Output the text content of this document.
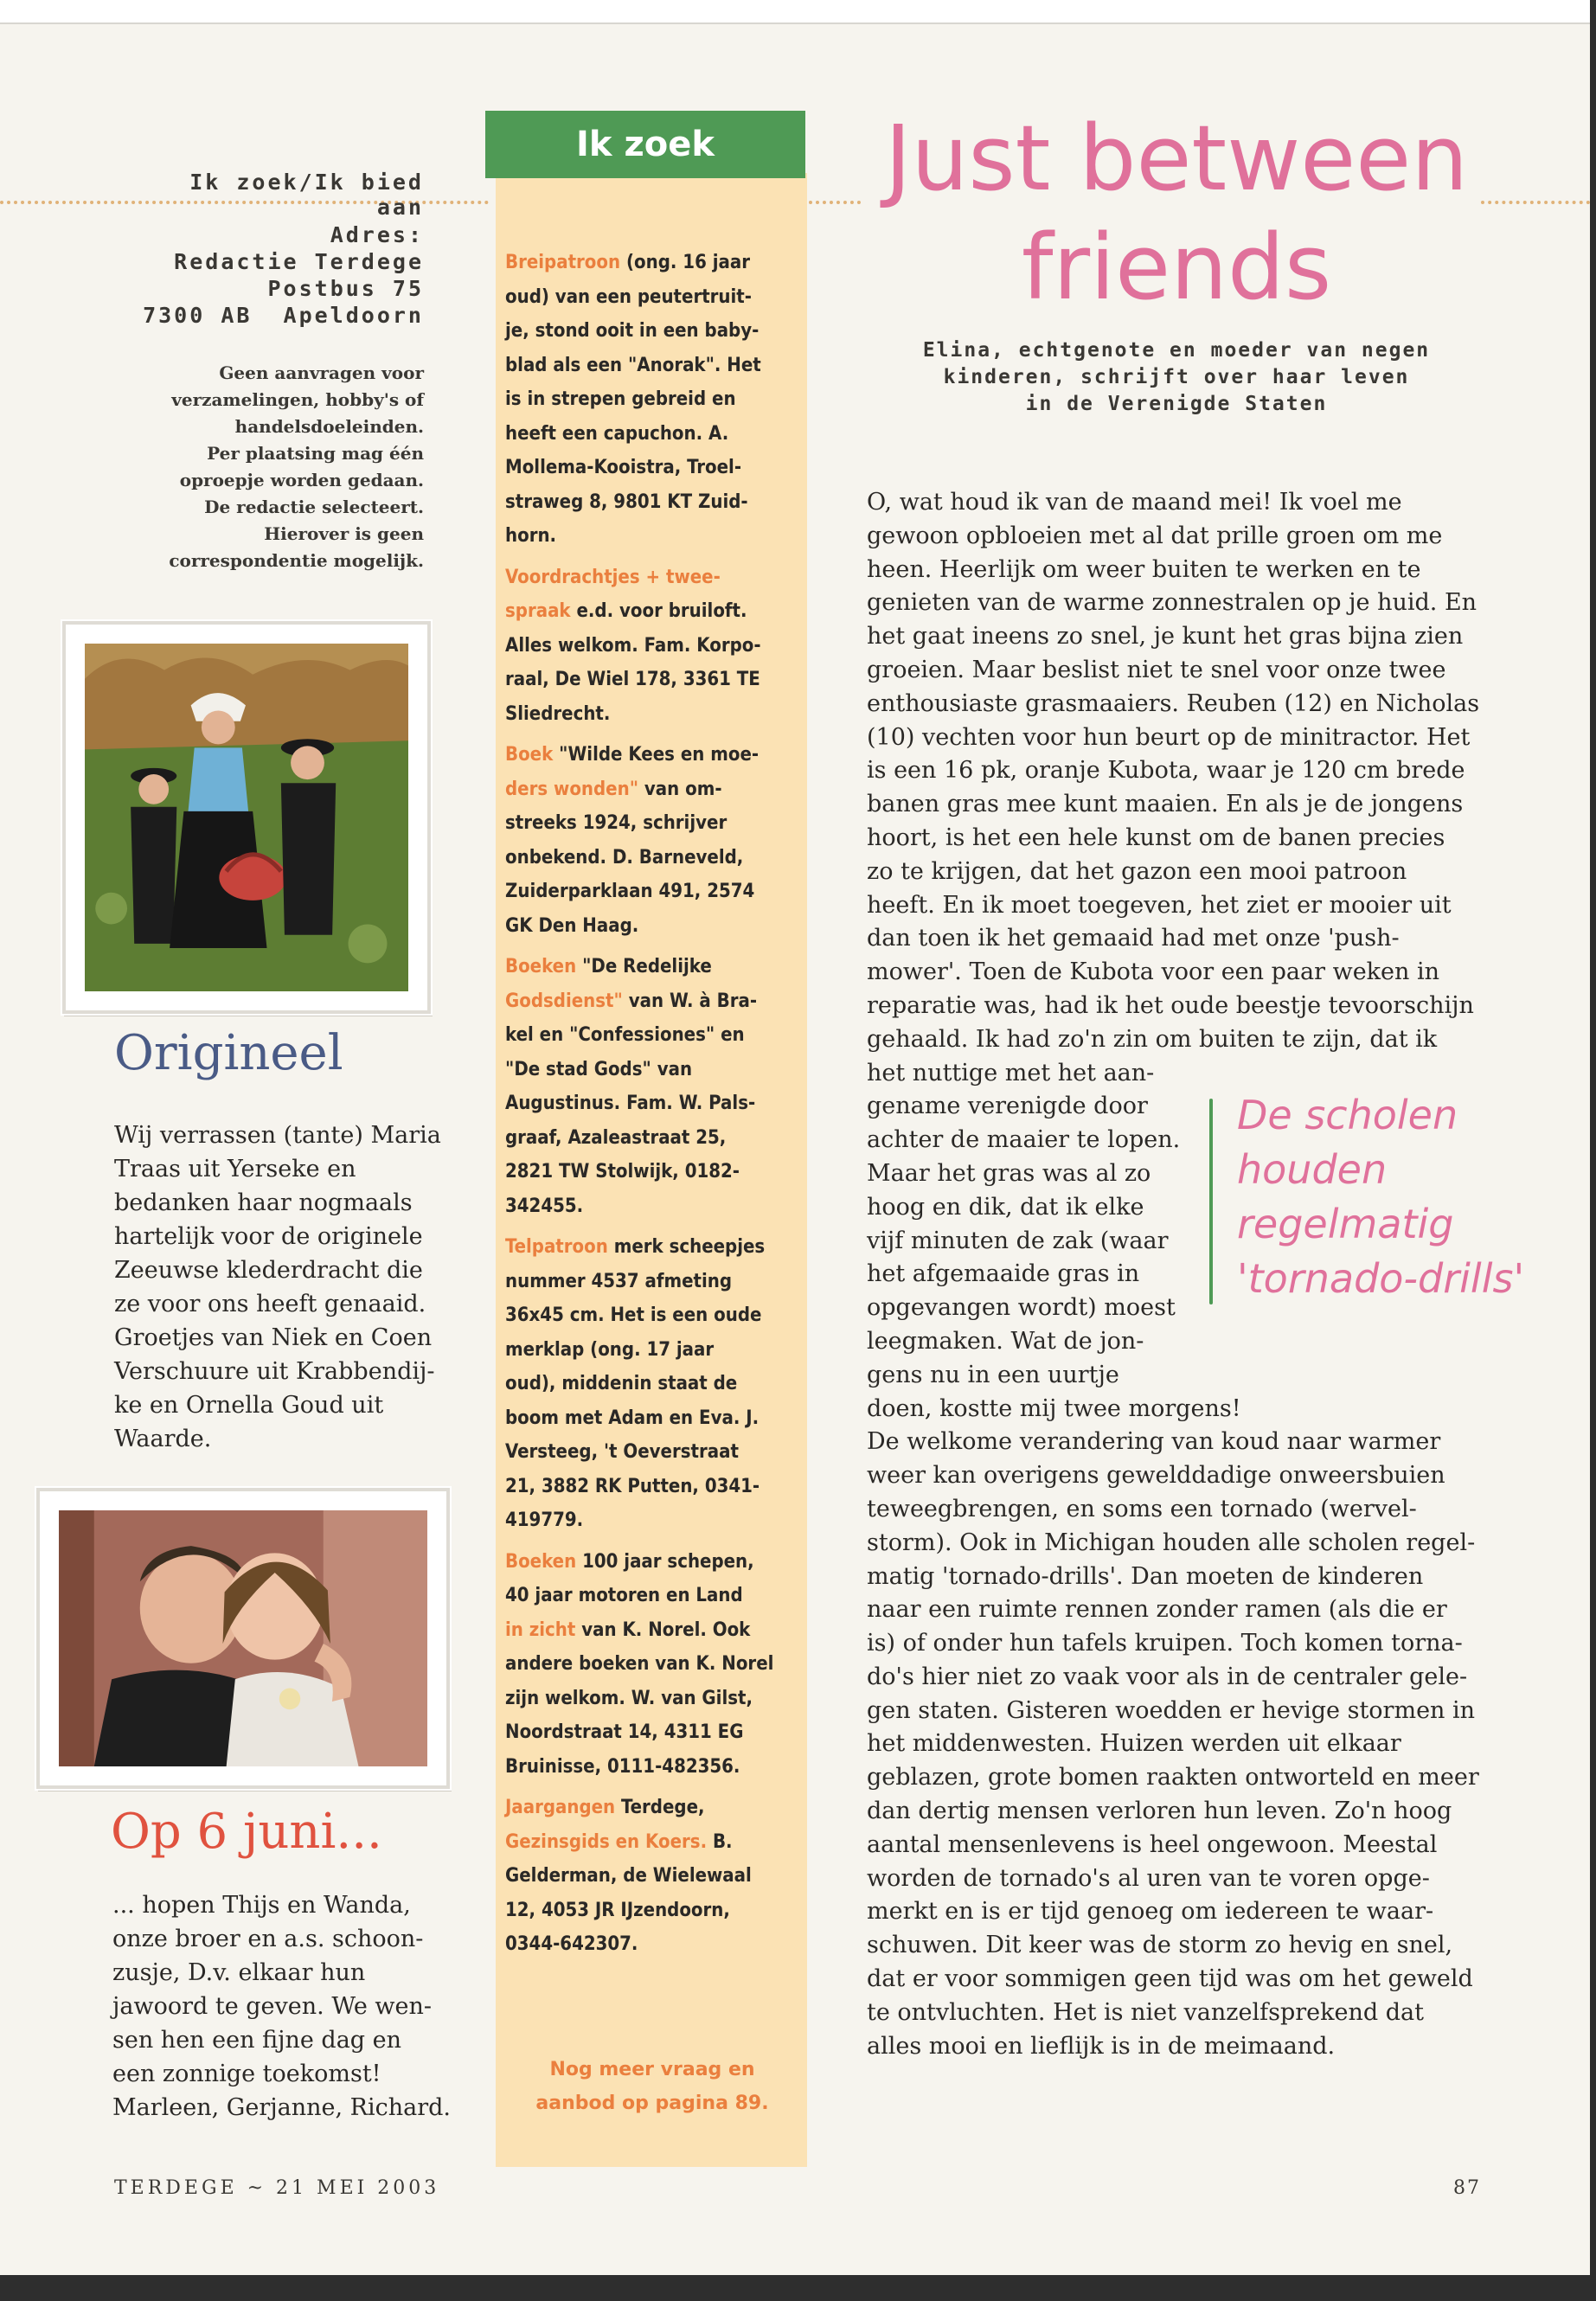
Ik zoek/Ik bied aan
Adres:
Redactie Terdege
Postbus 75
7300 AB  Apeldoorn
Geen aanvragen voor
verzamelingen, hobby's of
handelsdoeleinden.
Per plaatsing mag één
oproepje worden gedaan.
De redactie selecteert.
Hierover is geen
correspondentie mogelijk.
Origineel
Wij verrassen (tante) Maria
Traas uit Yerseke en
bedanken haar nogmaals
hartelijk voor de originele
Zeeuwse klederdracht die
ze voor ons heeft genaaid.
Groetjes van Niek en Coen
Verschuure uit Krabbendij-
ke en Ornella Goud uit
Waarde.
Op 6 juni...
... hopen Thijs en Wanda,
onze broer en a.s. schoon-
zusje, D.v. elkaar hun
jawoord te geven. We wen-
sen hen een fijne dag en
een zonnige toekomst!
Marleen, Gerjanne, Richard.
Ik zoek
Breipatroon (ong. 16 jaar
oud) van een peutertruit-
je, stond ooit in een baby-
blad als een "Anorak". Het
is in strepen gebreid en
heeft een capuchon. A.
Mollema-Kooistra, Troel-
straweg 8, 9801 KT Zuid-
horn.
Voordrachtjes + twee-
spraak e.d. voor bruiloft.
Alles welkom. Fam. Korpo-
raal, De Wiel 178, 3361 TE
Sliedrecht.
Boek "Wilde Kees en moe-
ders wonden" van om-
streeks 1924, schrijver
onbekend. D. Barneveld,
Zuiderparklaan 491, 2574
GK Den Haag.
Boeken "De Redelijke
Godsdienst" van W. à Bra-
kel en "Confessiones" en
"De stad Gods" van
Augustinus. Fam. W. Pals-
graaf, Azaleastraat 25,
2821 TW Stolwijk, 0182-
342455.
Telpatroon merk scheepjes
nummer 4537 afmeting
36x45 cm. Het is een oude
merklap (ong. 17 jaar
oud), middenin staat de
boom met Adam en Eva. J.
Versteeg, 't Oeverstraat
21, 3882 RK Putten, 0341-
419779.
Boeken 100 jaar schepen,
40 jaar motoren en Land
in zicht van K. Norel. Ook
andere boeken van K. Norel
zijn welkom. W. van Gilst,
Noordstraat 14, 4311 EG
Bruinisse, 0111-482356.
Jaargangen Terdege,
Gezinsgids en Koers. B.
Gelderman, de Wielewaal
12, 4053 JR IJzendoorn,
0344-642307.
Nog meer vraag en
aanbod op pagina 89.
Just between
friends
Elina, echtgenote en moeder van negen
kinderen, schrijft over haar leven
in de Verenigde Staten
O, wat houd ik van de maand mei! Ik voel me
gewoon opbloeien met al dat prille groen om me
heen. Heerlijk om weer buiten te werken en te
genieten van de warme zonnestralen op je huid. En
het gaat ineens zo snel, je kunt het gras bijna zien
groeien. Maar beslist niet te snel voor onze twee
enthousiaste grasmaaiers. Reuben (12) en Nicholas
(10) vechten voor hun beurt op de minitractor. Het
is een 16 pk, oranje Kubota, waar je 120 cm brede
banen gras mee kunt maaien. En als je de jongens
hoort, is het een hele kunst om de banen precies
zo te krijgen, dat het gazon een mooi patroon
heeft. En ik moet toegeven, het ziet er mooier uit
dan toen ik het gemaaid had met onze 'push-
mower'. Toen de Kubota voor een paar weken in
reparatie was, had ik het oude beestje tevoorschijn
gehaald. Ik had zo'n zin om buiten te zijn, dat ik
het nuttige met het aan-
gename verenigde door
achter de maaier te lopen.
Maar het gras was al zo
hoog en dik, dat ik elke
vijf minuten de zak (waar
het afgemaaide gras in
opgevangen wordt) moest
leegmaken. Wat de jon-
gens nu in een uurtje
doen, kostte mij twee morgens!
De welkome verandering van koud naar warmer
weer kan overigens gewelddadige onweersbuien
teweegbrengen, en soms een tornado (wervel-
storm). Ook in Michigan houden alle scholen regel-
matig 'tornado-drills'. Dan moeten de kinderen
naar een ruimte rennen zonder ramen (als die er
is) of onder hun tafels kruipen. Toch komen torna-
do's hier niet zo vaak voor als in de centraler gele-
gen staten. Gisteren woedden er hevige stormen in
het middenwesten. Huizen werden uit elkaar
geblazen, grote bomen raakten ontworteld en meer
dan dertig mensen verloren hun leven. Zo'n hoog
aantal mensenlevens is heel ongewoon. Meestal
worden de tornado's al uren van te voren opge-
merkt en is er tijd genoeg om iedereen te waar-
schuwen. Dit keer was de storm zo hevig en snel,
dat er voor sommigen geen tijd was om het geweld
te ontvluchten. Het is niet vanzelfsprekend dat
alles mooi en lieflijk is in de meimaand.
De scholen
houden
regelmatig
'tornado-drills'
TERDEGE ~ 21 MEI 2003	87
